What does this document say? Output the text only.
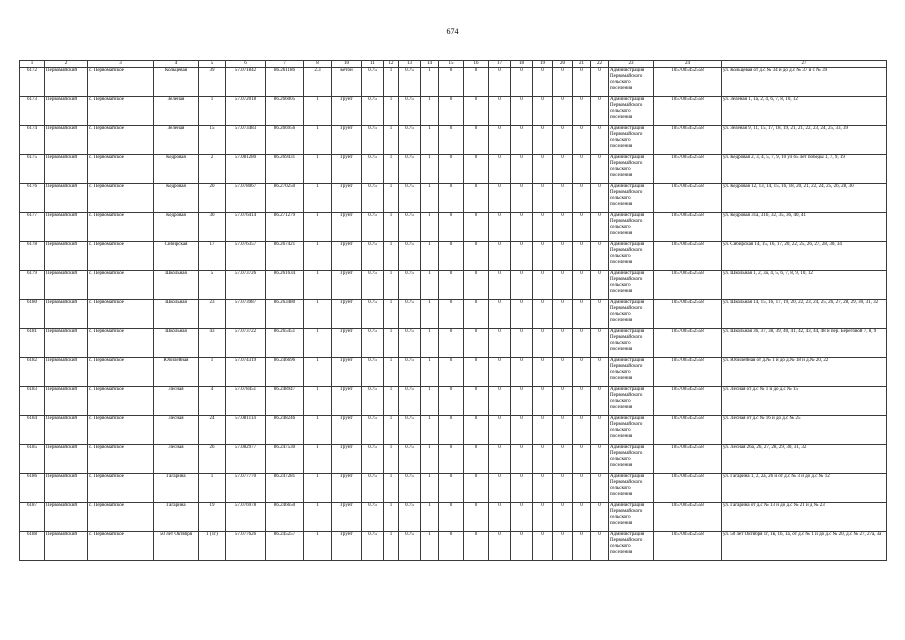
674
1	2	3	4	5	6	7	8	10	11	12	13	14	15	16	17	18	19	20	21	22	23	24	27
6172	Первомайский	с. Первомайское	Кольцевая	39	57.071842	86.261186	2.3	Бетон	0.75	1	0.75	1	0	0	0	0	0	0	0	0	Администрация Первомайского сельского поселения	1057005452558	ул. Кольцевая от д.с № 34 и до д.с № 37 и с № 39
6173	Первомайский	с. Первомайское	Зеленая	1	57.072018	86.266005	1	Грунт	0.75	1	0.75	1	0	0	0	0	0	0	0	0	Администрация Первомайского сельского поселения	1057005452558	ул. Зеленая 1, 1а, 2, 4, 6, 7, 8, 10, 12
6174	Первомайский	с. Первомайское	Зеленая	15	57.073483	86.266956	1	Грунт	0.75	1	0.75	1	0	0	0	0	0	0	0	0	Администрация Первомайского сельского поселения	1057005452558	ул. Зеленая 9, 11, 15, 17, 18, 19, 21, 21, 22, 23, 24, 25, 33, 39
6175	Первомайский	с. Первомайское	Кедровая	2	57.081280	86.269431	1	Грунт	0.75	1	0.75	1	0	0	0	0	0	0	0	0	Администрация Первомайского сельского поселения	1057005452558	ул. Кедровая 2, 3, 4, 5, 7, 9, 10 ул 65 лет победы 1, 7, 9, 19
6176	Первомайский	с. Первомайское	Кедровая	20	57.078067	86.270250	1	Грунт	0.75	1	0.75	1	0	0	0	0	0	0	0	0	Администрация Первомайского сельского поселения	1057005452558	ул. Кедровая 12, 13, 14, 15, 16, 18, 20, 21, 22, 24, 25, 26, 28, 30
6177	Первомайский	с. Первомайское	Кедровая	30	57.076414	86.271279	1	Грунт	0.75	1	0.75	1	0	0	0	0	0	0	0	0	Администрация Первомайского сельского поселения	1057005452558	ул. Кедровая 31а, 31б, 32, 35, 36, 40, 41
6178	Первомайский	с. Первомайское	Сибирская	17	57.076357	86.267421	1	Грунт	0.75	1	0.75	1	0	0	0	0	0	0	0	0	Администрация Первомайского сельского поселения	1057005452558	ул. Сибирская 14, 15, 16, 17, 20, 22, 25, 26, 27, 28, 30, 34
6179	Первомайский	с. Первомайское	Школьная	5	57.073726	86.261634	1	Грунт	0.75	1	0.75	1	0	0	0	0	0	0	0	0	Администрация Первомайского сельского поселения	1057005452558	ул. Школьная 1, 2, 3а, 4, 5, 6, 7, 8, 9, 10, 12
6180	Первомайский	с. Первомайское	Школьная	23	57.073987	86.263480	1	Грунт	0.75	1	0.75	1	0	0	0	0	0	0	0	0	Администрация Первомайского сельского поселения	1057005452558	ул. Школьная 14, 15, 16, 17, 19, 20, 22, 23, 24, 25, 26, 27, 28, 29, 30, 31, 32
6181	Первомайский	с. Первомайское	Школьная	43	57.073722	86.265451	1	Грунт	0.75	1	0.75	1	0	0	0	0	0	0	0	0	Администрация Первомайского сельского поселения	1057005452558	ул. Школьная 36, 37, 38, 39, 40, 41, 42, 43, 44, 48 и пер. Береговой 7, 8, 9
6182	Первомайский	с. Первомайское	Юбилейная	1	57.074319	86.246696	1	Грунт	0.75	1	0.75	1	0	0	0	0	0	0	0	0	Администрация Первомайского сельского поселения	1057005452558	ул. Юбилейная от д.№ 1 и до д.№ 18 и д.№ 20, 22
6183	Первомайский	с. Первомайское	Лесная	4	57.078451	86.248947	1	Грунт	0.75	1	0.75	1	0	0	0	0	0	0	0	0	Администрация Первомайского сельского поселения	1057005452558	ул. Лесная от д.с № 1 и до д.с № 15
6184	Первомайский	с. Первомайское	Лесная	24	57.081114	86.248246	1	Грунт	0.75	1	0.75	1	0	0	0	0	0	0	0	0	Администрация Первомайского сельского поселения	1057005452558	ул. Лесная от д.с № 16 и до д.с № 25
6185	Первомайский	с. Первомайское	Лесная	26	57.082977	86.247530	1	Грунт	0.75	1	0.75	1	0	0	0	0	0	0	0	0	Администрация Первомайского сельского поселения	1057005452558	ул. Лесная 26а, 26, 27, 28, 29, 30, 31, 32
6186	Первомайский	с. Первомайское	Гагарина	1	57.077770	86.247281	1	Грунт	0.75	1	0.75	1	0	0	0	0	0	0	0	0	Администрация Первомайского сельского поселения	1057005452558	ул. Гагарина 1, 2, 2а, 2б и от д.с № 3 и до д.с № 12
6187	Первомайский	с. Первомайское	Гагарина	19	57.076978	86.246650	1	Грунт	0.75	1	0.75	1	0	0	0	0	0	0	0	0	Администрация Первомайского сельского поселения	1057005452558	ул. Гагарина от д.с № 13 и до д.с № 21 и д № 23
6188	Первомайский	с. Первомайское	50 лет Октября	1 (1г)	57.077626	86.245257	1	Грунт	0.75	1	0.75	1	0	0	0	0	0	0	0	0	Администрация Первомайского сельского поселения	1057005452558	ул. 50 лет Октября 1г, 1в, 1б, 1а, от д.с № 1 и до д.с № 20, д.с № 27, 27а, 3а
